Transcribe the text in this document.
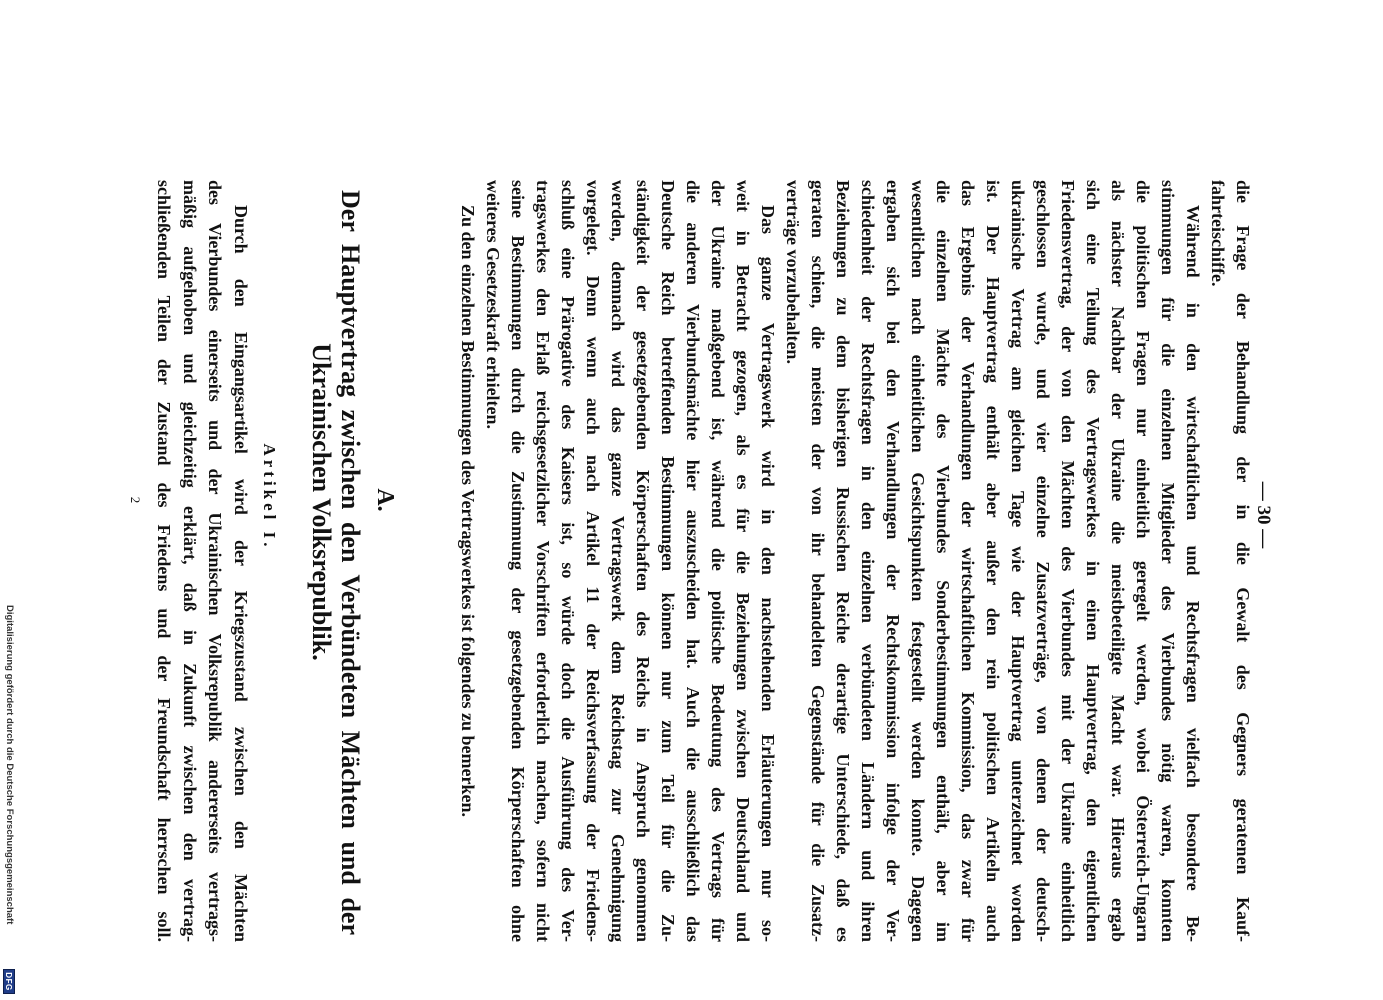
— 30 —
die Frage der Behandlung der in die Gewalt des Gegners geratenen Kauf-
fahrteischiffe.
Während in den wirtschaftlichen und Rechtsfragen vielfach besondere Be-
stimmungen für die einzelnen Mitglieder des Vierbundes nötig waren, konnten
die politischen Fragen nur einheitlich geregelt werden, wobei Österreich-Ungarn
als nächster Nachbar der Ukraine die meistbeteiligte Macht war. Hieraus ergab
sich eine Teilung des Vertragswerkes in einen Hauptvertrag, den eigentlichen
Friedensvertrag, der von den Mächten des Vierbundes mit der Ukraine einheitlich
geschlossen wurde, und vier einzelne Zusatzverträge, von denen der deutsch-
ukrainische Vertrag am gleichen Tage wie der Hauptvertrag unterzeichnet worden
ist. Der Hauptvertrag enthält aber außer den rein politischen Artikeln auch
das Ergebnis der Verhandlungen der wirtschaftlichen Kommission, das zwar für
die einzelnen Mächte des Vierbundes Sonderbestimmungen enthält, aber im
wesentlichen nach einheitlichen Gesichtspunkten festgestellt werden konnte. Dagegen
ergaben sich bei den Verhandlungen der Rechtskommission infolge der Ver-
schiedenheit der Rechtsfragen in den einzelnen verbündeten Ländern und ihren
Beziehungen zu dem bisherigen Russischen Reiche derartige Unterschiede, daß es
geraten schien, die meisten der von ihr behandelten Gegenstände für die Zusatz-
verträge vorzubehalten.
Das ganze Vertragswerk wird in den nachstehenden Erläuterungen nur so-
weit in Betracht gezogen, als es für die Beziehungen zwischen Deutschland und
der Ukraine maßgebend ist, während die politische Bedeutung des Vertrags für
die anderen Vierbundsmächte hier auszuscheiden hat. Auch die ausschließlich das
Deutsche Reich betreffenden Bestimmungen können nur zum Teil für die Zu-
ständigkeit der gesetzgebenden Körperschaften des Reichs in Anspruch genommen
werden, demnach wird das ganze Vertragswerk dem Reichstag zur Genehmigung
vorgelegt. Denn wenn auch nach Artikel 11 der Reichsverfassung der Friedens-
schluß eine Prärogative des Kaisers ist, so würde doch die Ausführung des Ver-
tragswerkes den Erlaß reichsgesetzlicher Vorschriften erforderlich machen, sofern nicht
seine Bestimmungen durch die Zustimmung der gesetzgebenden Körperschaften ohne
weiteres Gesetzeskraft erhielten.
Zu den einzelnen Bestimmungen des Vertragswerkes ist folgendes zu bemerken.
A.
Der Hauptvertrag zwischen den Verbündeten Mächten und der
Ukrainischen Volksrepublik.
Artikel I.
Durch den Eingangsartikel wird der Kriegszustand zwischen den Mächten
des Vierbundes einerseits und der Ukrainischen Volksrepublik andererseits vertrags-
mäßig aufgehoben und gleichzeitig erklärt, daß in Zukunft zwischen den vertrag-
schließenden Teilen der Zustand des Friedens und der Freundschaft herrschen soll.
2
Digitalisierung gefördert durch die Deutsche Forschungsgemeinschaft
DFG
